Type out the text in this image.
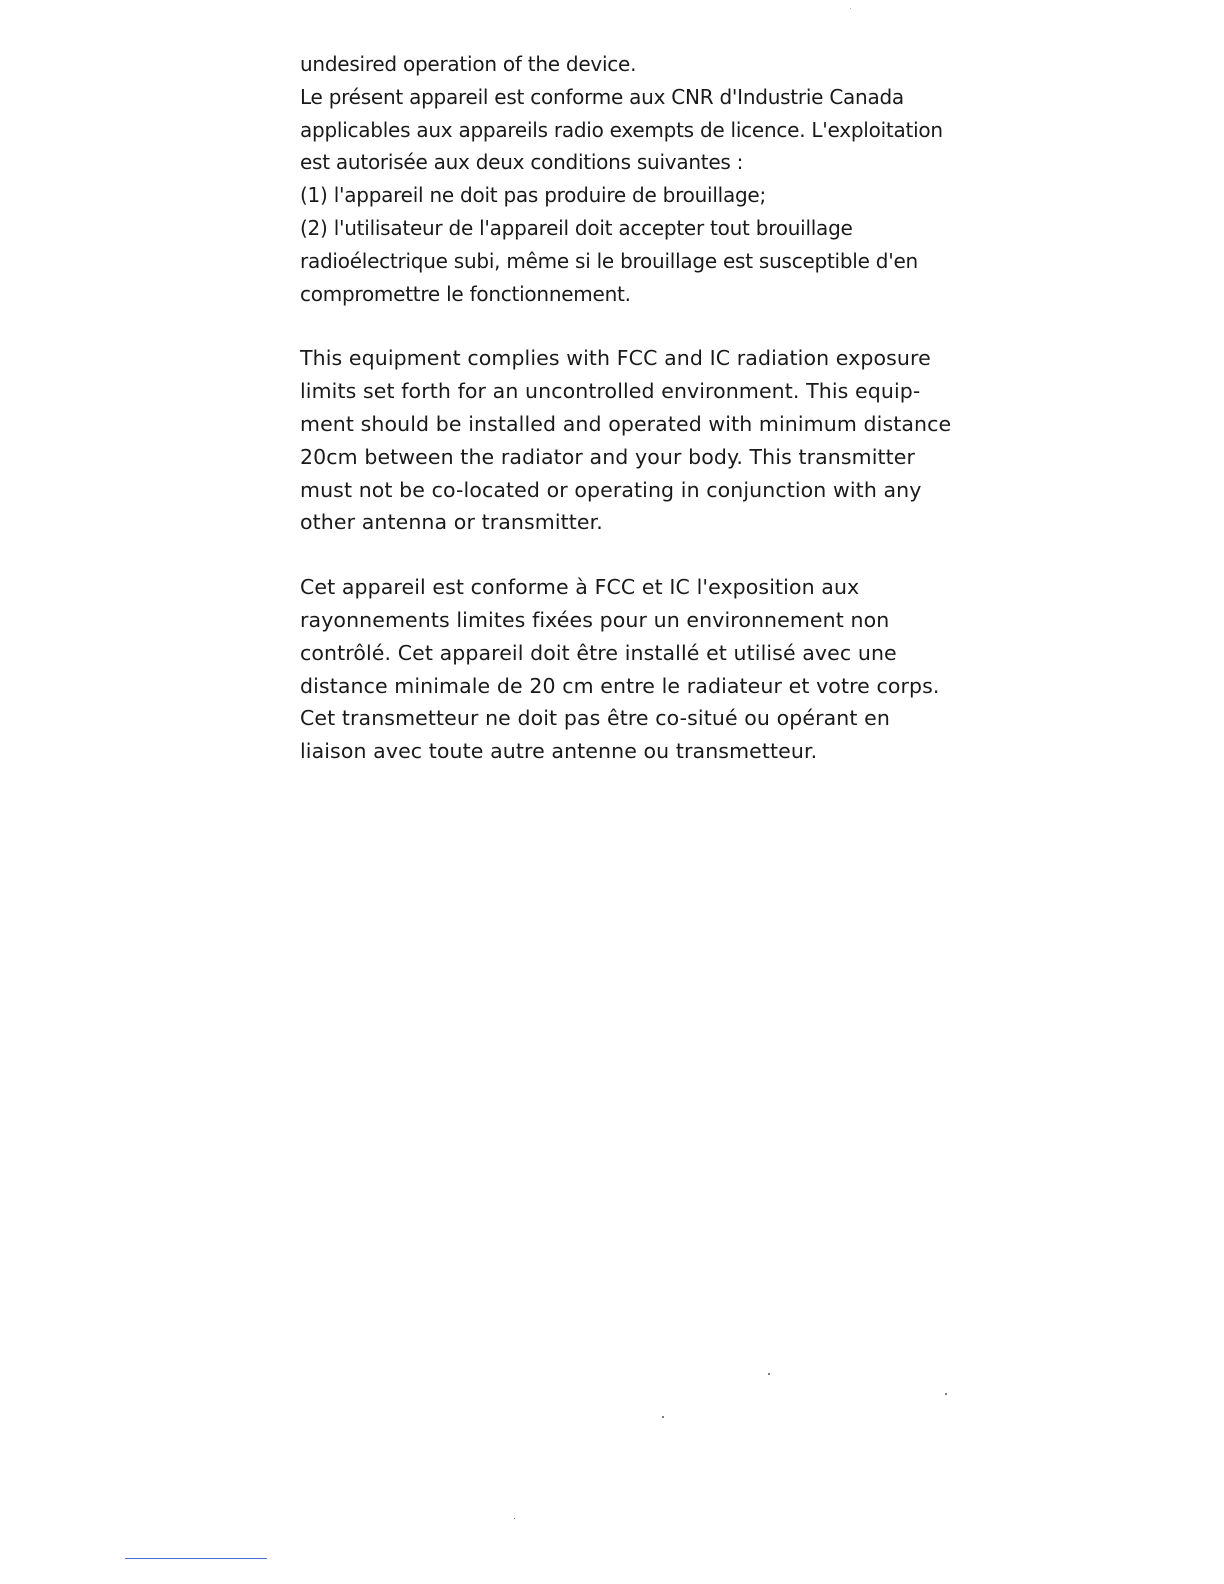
undesired operation of the device.
Le présent appareil est conforme aux CNR d'Industrie Canada
applicables aux appareils radio exempts de licence. L'exploitation
est autorisée aux deux conditions suivantes :
(1) l'appareil ne doit pas produire de brouillage;
(2) l'utilisateur de l'appareil doit accepter tout brouillage
radioélectrique subi, même si le brouillage est susceptible d'en
compromettre le fonctionnement.
This equipment complies with FCC and IC radiation exposure
limits set forth for an uncontrolled environment. This equip-
ment should be installed and operated with minimum distance
20cm between the radiator and your body. This transmitter
must not be co-located or operating in conjunction with any
other antenna or transmitter.
Cet appareil est conforme à FCC et IC l'exposition aux
rayonnements limites fixées pour un environnement non
contrôlé. Cet appareil doit être installé et utilisé avec une
distance minimale de 20 cm entre le radiateur et votre corps.
Cet transmetteur ne doit pas être co-situé ou opérant en
liaison avec toute autre antenne ou transmetteur.
